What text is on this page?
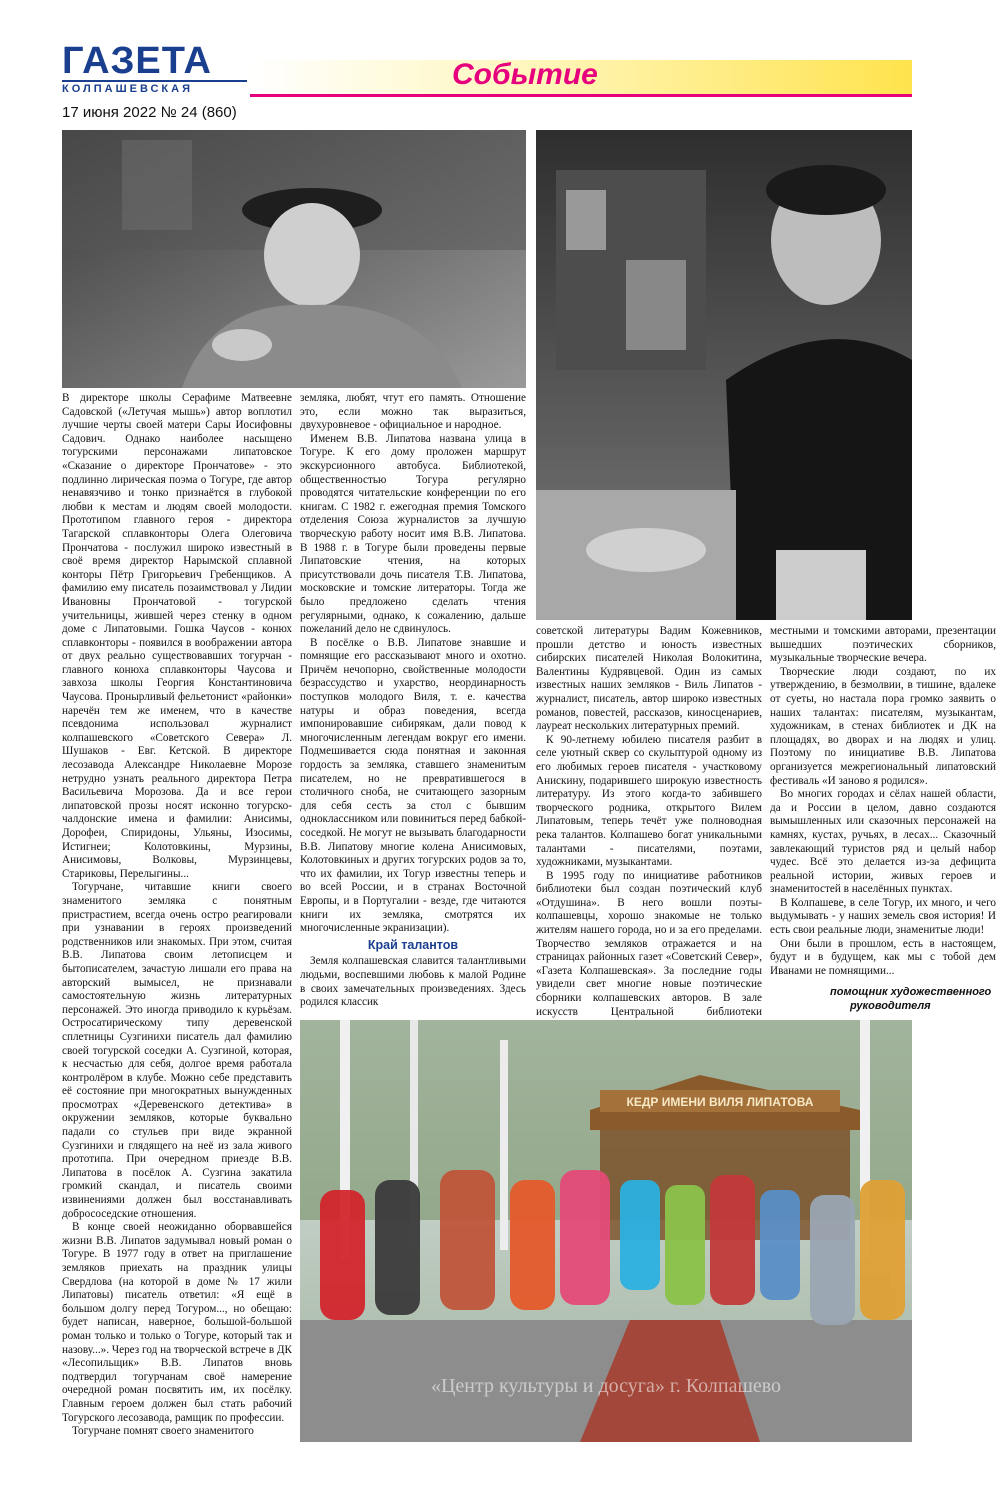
ГАЗЕТА
КОЛПАШЕВСКАЯ	Событие
17 июня 2022 № 24 (860)

В директоре школы Серафиме Матвеевне Садовской («Летучая мышь») автор воплотил лучшие черты своей матери Сары Иосифовны Садович. Однако наиболее насыщено тогурскими персонажами липатовское «Сказание о директоре Прончатове» - это подлинно лирическая поэма о Тогуре, где автор ненавязчиво и тонко признаётся в глубокой любви к местам и людям своей молодости. Прототипом главного героя - директора Тагарской сплавконторы Олега Олеговича Прончатова - послужил широко известный в своё время директор Нарымской сплавной конторы Пётр Григорьевич Гребенщиков. А фамилию ему писатель позаимствовал у Лидии Ивановны Прончатовой - тогурской учительницы, жившей через стенку в одном доме с Липатовыми. Гошка Чаусов - конюх сплавконторы - появился в воображении автора от двух реально существовавших тогурчан - главного конюха сплавконторы Чаусова и завхоза школы Георгия Константиновича Чаусова. Пронырливый фельетонист «районки» наречён тем же именем, что в качестве псевдонима использовал журналист колпашевского «Советского Севера» Л. Шушаков - Евг. Кетской. В директоре лесозавода Александре Николаевне Морозе нетрудно узнать реального директора Петра Васильевича Морозова. Да и все герои липатовской прозы носят исконно тогурско-чалдонские имена и фамилии: Анисимы, Дорофеи, Спиридоны, Ульяны, Изосимы, Истигнеи; Колотовкины, Мурзины, Анисимовы, Волковы, Мурзинцевы, Стариковы, Перелыгины...

Тогурчане, читавшие книги своего знаменитого земляка с понятным пристрастием, всегда очень остро реагировали при узнавании в героях произведений родственников или знакомых. При этом, считая В.В. Липатова своим летописцем и бытописателем, зачастую лишали его права на авторский вымысел, не признавали самостоятельную жизнь литературных персонажей. Это иногда приводило к курьёзам. Остросатирическому типу деревенской сплетницы Сузгинихи писатель дал фамилию своей тогурской соседки А. Сузгиной, которая, к несчастью для себя, долгое время работала контролёром в клубе. Можно себе представить её состояние при многократных вынужденных просмотрах «Деревенского детектива» в окружении земляков, которые буквально падали со стульев при виде экранной Сузгинихи и глядящего на неё из зала живого прототипа. При очередном приезде В.В. Липатова в посёлок А. Сузгина закатила громкий скандал, и писатель своими извинениями должен был восстанавливать добрососедские отношения.

В конце своей неожиданно оборвавшейся жизни В.В. Липатов задумывал новый роман о Тогуре. В 1977 году в ответ на приглашение земляков приехать на праздник улицы Свердлова (на которой в доме № 17 жили Липатовы) писатель ответил: «Я ещё в большом долгу перед Тогуром..., но обещаю: будет написан, наверное, большой-большой роман только и только о Тогуре, который так и назову...». Через год на творческой встрече в ДК «Лесопильщик» В.В. Липатов вновь подтвердил тогурчанам своё намерение очередной роман посвятить им, их посёлку. Главным героем должен был стать рабочий Тогурского лесозавода, рамщик по профессии.

Тогурчане помнят своего знаменитого

земляка, любят, чтут его память. Отношение это, если можно так выразиться, двухуровневое - официальное и народное.

Именем В.В. Липатова названа улица в Тогуре. К его дому проложен маршрут экскурсионного автобуса. Библиотекой, общественностью Тогура регулярно проводятся читательские конференции по его книгам. С 1982 г. ежегодная премия Томского отделения Союза журналистов за лучшую творческую работу носит имя В.В. Липатова. В 1988 г. в Тогуре были проведены первые Липатовские чтения, на которых присутствовали дочь писателя Т.В. Липатова, московские и томские литераторы. Тогда же было предложено сделать чтения регулярными, однако, к сожалению, дальше пожеланий дело не сдвинулось.

В посёлке о В.В. Липатове знавшие и помнящие его рассказывают много и охотно. Причём нечопорно, свойственные молодости безрассудство и ухарство, неординарность поступков молодого Виля, т. е. качества натуры и образ поведения, всегда импонировавшие сибирякам, дали повод к многочисленным легендам вокруг его имени. Подмешивается сюда понятная и законная гордость за земляка, ставшего знаменитым писателем, но не превратившегося в столичного сноба, не считающего зазорным для себя сесть за стол с бывшим одноклассником или повиниться перед бабкой-соседкой. Не могут не вызывать благодарности В.В. Липатову многие колена Анисимовых, Колотовкиных и других тогурских родов за то, что их фамилии, их Тогур известны теперь и во всей России, и в странах Восточной Европы, и в Португалии - везде, где читаются книги их земляка, смотрятся их многочисленные экранизации).

Край талантов

Земля колпашевская славится талантливыми людьми, воспевшими любовь к малой Родине в своих замечательных произведениях. Здесь родился классик

советской литературы Вадим Кожевников, прошли детство и юность известных сибирских писателей Николая Волокитина, Валентины Кудрявцевой. Один из самых известных наших земляков - Виль Липатов - журналист, писатель, автор широко известных романов, повестей, рассказов, киносценариев, лауреат нескольких литературных премий.

К 90-летнему юбилею писателя разбит в селе уютный сквер со скульптурой одному из его любимых героев писателя - участковому Анискину, подарившего широкую известность литературу. Из этого когда-то забившего творческого родника, открытого Вилем Липатовым, теперь течёт уже полноводная река талантов. Колпашево богат уникальными талантами - писателями, поэтами, художниками, музыкантами.

В 1995 году по инициативе работников библиотеки был создан поэтический клуб «Отдушина». В него вошли поэты-колпашевцы, хорошо знакомые не только жителям нашего города, но и за его пределами. Творчество земляков отражается и на страницах районных газет «Советский Север», «Газета Колпашевская». За последние годы увидели свет многие новые поэтические сборники колпашевских авторов. В зале искусств Центральной библиотеки

местными и томскими авторами, презентации вышедших поэтических сборников, музыкальные творческие вечера.

Творческие люди создают, по их утверждению, в безмолвии, в тишине, вдалеке от суеты, но настала пора громко заявить о наших талантах: писателям, музыкантам, художникам, в стенах библиотек и ДК на площадях, во дворах и на людях и улиц. Поэтому по инициативе В.В. Липатова организуется межрегиональный липатовский фестиваль «И заново я родился».

Во многих городах и сёлах нашей области, да и России в целом, давно создаются вымышленных или сказочных персонажей на камнях, кустах, ручьях, в лесах... Сказочный завлекающий туристов ряд и целый набор чудес. Всё это делается из-за дефицита реальной истории, живых героев и знаменитостей в населённых пунктах.

В Колпашеве, в селе Тогур, их много, и чего выдумывать - у наших земель своя история! И есть свои реальные люди, знаменитые люди!

Они были в прошлом, есть в настоящем, будут и в будущем, как мы с тобой дем Иванами не помнящими...

помощник художественного

руководителя

КЕДР ИМЕНИ ВИЛЯ ЛИПАТОВА
«Центр культуры и досуга» г. Колпашево
